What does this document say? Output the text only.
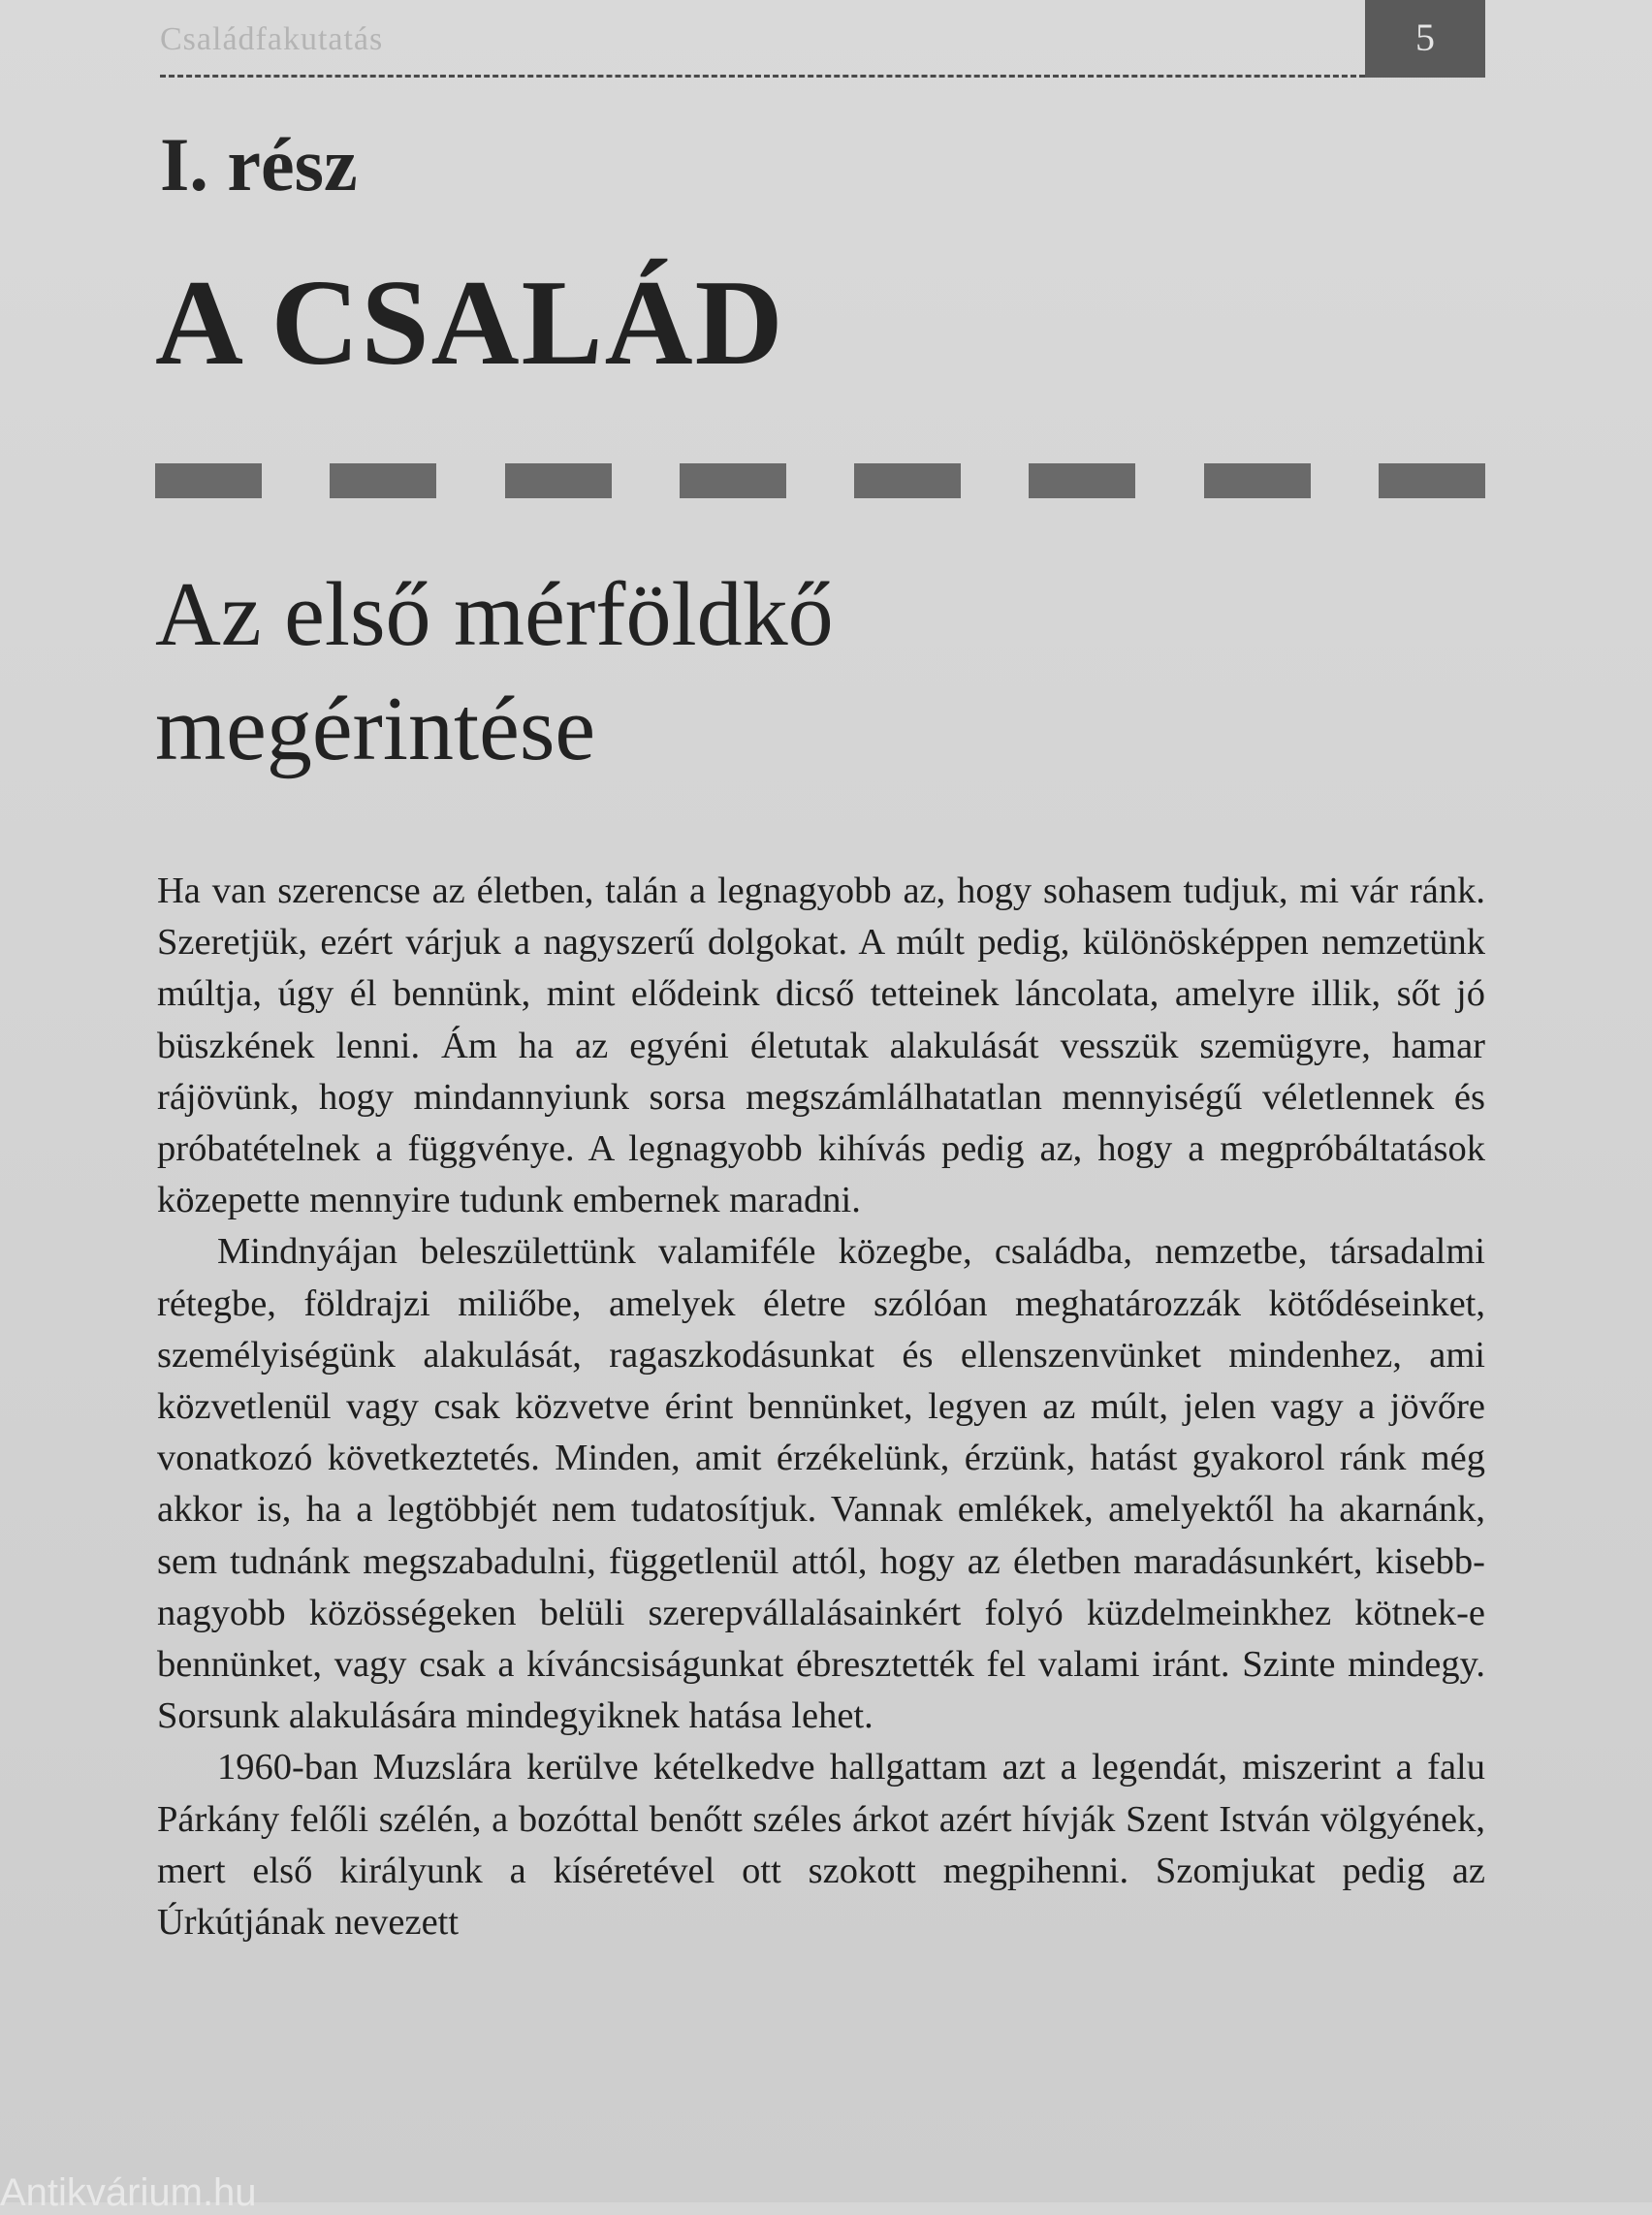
Családfakutatás	5
I. rész
A CSALÁD
Az első mérföldkő
megérintése

Ha van szerencse az életben, talán a legnagyobb az, hogy sohasem tudjuk, mi vár ránk. Szeretjük, ezért várjuk a nagyszerű dolgokat. A múlt pedig, különösképpen nemzetünk múltja, úgy él bennünk, mint elődeink dicső tetteinek láncolata, amelyre illik, sőt jó büszkének lenni. Ám ha az egyéni életutak alakulását vesszük szemügyre, hamar rájövünk, hogy mindannyiunk sorsa megszámlálhatatlan mennyiségű véletlennek és próbatételnek a függvénye. A legnagyobb kihívás pedig az, hogy a megpróbáltatások közepette mennyire tudunk embernek maradni.

Mindnyájan beleszülettünk valamiféle közegbe, családba, nemzetbe, társadalmi rétegbe, földrajzi miliőbe, amelyek életre szólóan meghatározzák kötődéseinket, személyiségünk alakulását, ragaszkodásunkat és ellenszenvünket mindenhez, ami közvetlenül vagy csak közvetve érint bennünket, legyen az múlt, jelen vagy a jövőre vonatkozó következtetés. Minden, amit érzékelünk, érzünk, hatást gyakorol ránk még akkor is, ha a legtöbbjét nem tudatosítjuk. Vannak emlékek, amelyektől ha akarnánk, sem tudnánk megszabadulni, függetlenül attól, hogy az életben maradásunkért, kisebb-nagyobb közösségeken belüli szerepvállalásainkért folyó küzdelmeinkhez kötnek-e bennünket, vagy csak a kíváncsiságunkat ébresztették fel valami iránt. Szinte mindegy. Sorsunk alakulására mindegyiknek hatása lehet.

1960-ban Muzslára kerülve kételkedve hallgattam azt a legendát, miszerint a falu Párkány felőli szélén, a bozóttal benőtt széles árkot azért hívják Szent István völgyének, mert első királyunk a kíséretével ott szokott megpihenni. Szomjukat pedig az Úrkútjának nevezett

Antikvárium.hu
